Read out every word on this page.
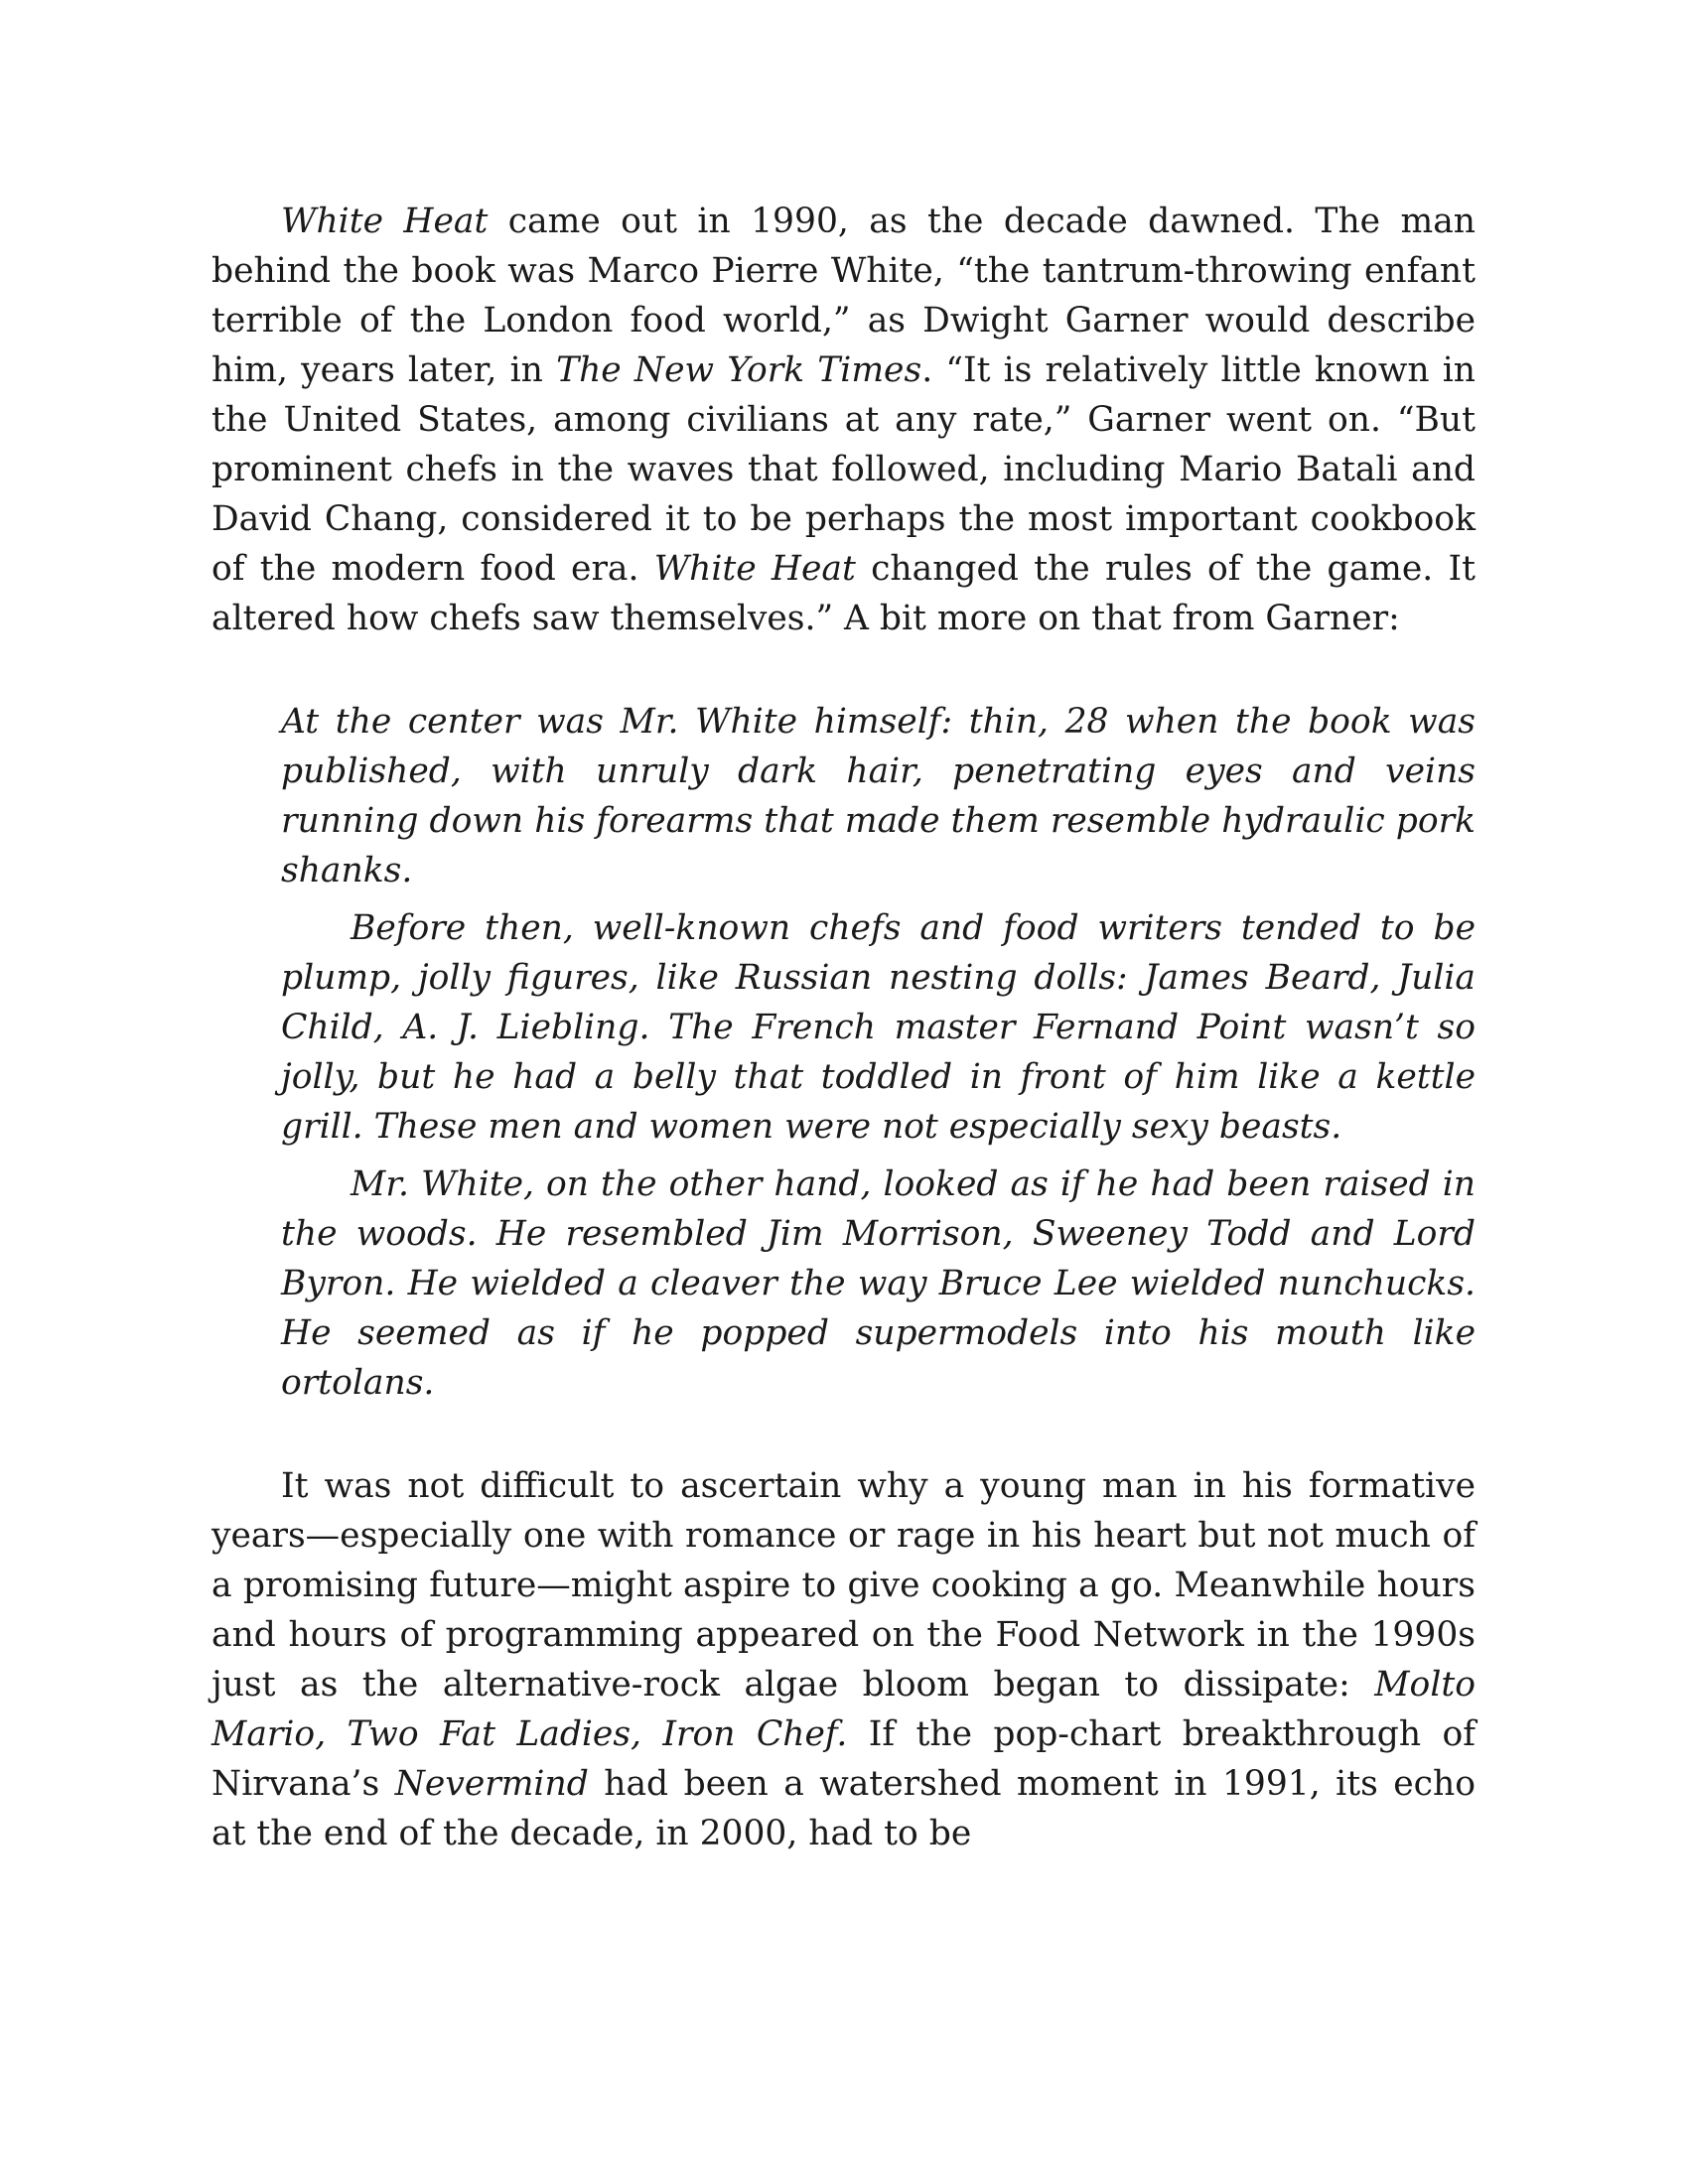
White Heat came out in 1990, as the decade dawned. The man behind the book was Marco Pierre White, “the tantrum-throwing enfant terrible of the London food world,” as Dwight Garner would describe him, years later, in The New York Times. “It is relatively little known in the United States, among civilians at any rate,” Garner went on. “But prominent chefs in the waves that followed, including Mario Batali and David Chang, considered it to be perhaps the most important cookbook of the modern food era. White Heat changed the rules of the game. It altered how chefs saw themselves.” A bit more on that from Garner:

At the center was Mr. White himself: thin, 28 when the book was published, with unruly dark hair, penetrating eyes and veins running down his forearms that made them resemble hydraulic pork shanks.

Before then, well-known chefs and food writers tended to be plump, jolly figures, like Russian nesting dolls: James Beard, Julia Child, A. J. Liebling. The French master Fernand Point wasn’t so jolly, but he had a belly that toddled in front of him like a kettle grill. These men and women were not especially sexy beasts.

Mr. White, on the other hand, looked as if he had been raised in the woods. He resembled Jim Morrison, Sweeney Todd and Lord Byron. He wielded a cleaver the way Bruce Lee wielded nunchucks. He seemed as if he popped supermodels into his mouth like ortolans.

It was not difficult to ascertain why a young man in his formative years—especially one with romance or rage in his heart but not much of a promising future—might aspire to give cooking a go. Meanwhile hours and hours of programming appeared on the Food Network in the 1990s just as the alternative-rock algae bloom began to dissipate: Molto Mario, Two Fat Ladies, Iron Chef. If the pop-chart breakthrough of Nirvana’s Nevermind had been a watershed moment in 1991, its echo at the end of the decade, in 2000, had to be
